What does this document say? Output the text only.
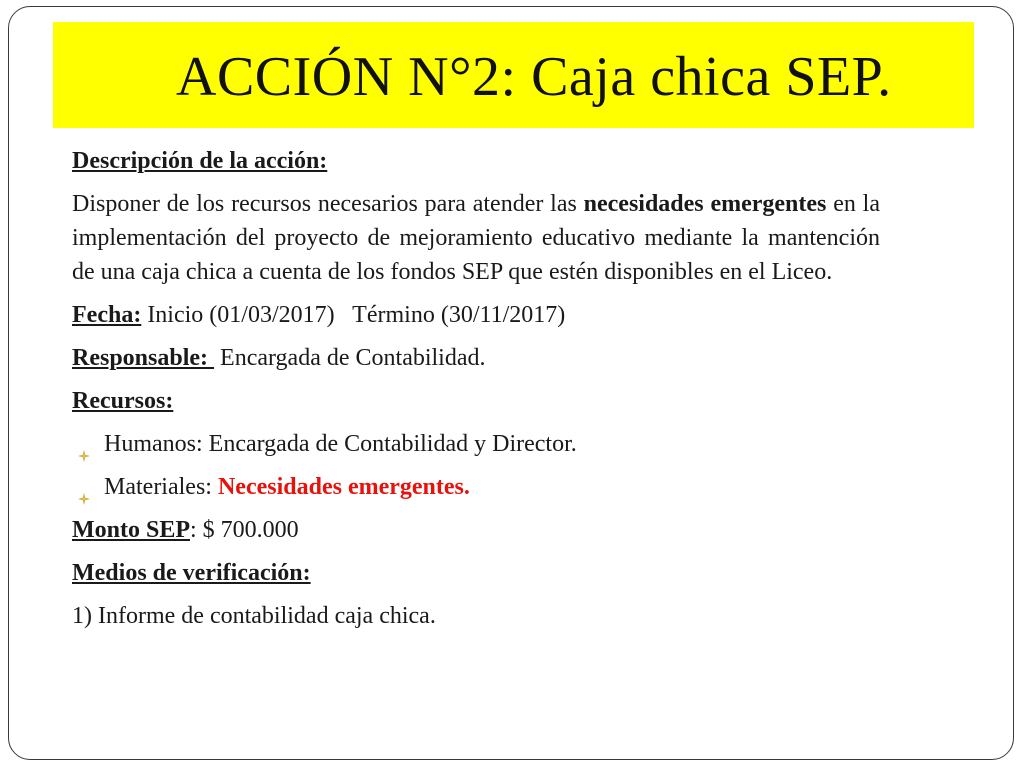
ACCIÓN N°2: Caja chica SEP.
Descripción de la acción:
Disponer de los recursos necesarios para atender las necesidades emergentes en la implementación del proyecto de mejoramiento educativo mediante la mantención de una caja chica a cuenta de los fondos SEP que estén disponibles en el Liceo.
Fecha: Inicio (01/03/2017)   Término (30/11/2017)
Responsable:  Encargada de Contabilidad.
Recursos:
Humanos: Encargada de Contabilidad y Director.
Materiales: Necesidades emergentes.
Monto SEP: $ 700.000
Medios de verificación:
1) Informe de contabilidad caja chica.
